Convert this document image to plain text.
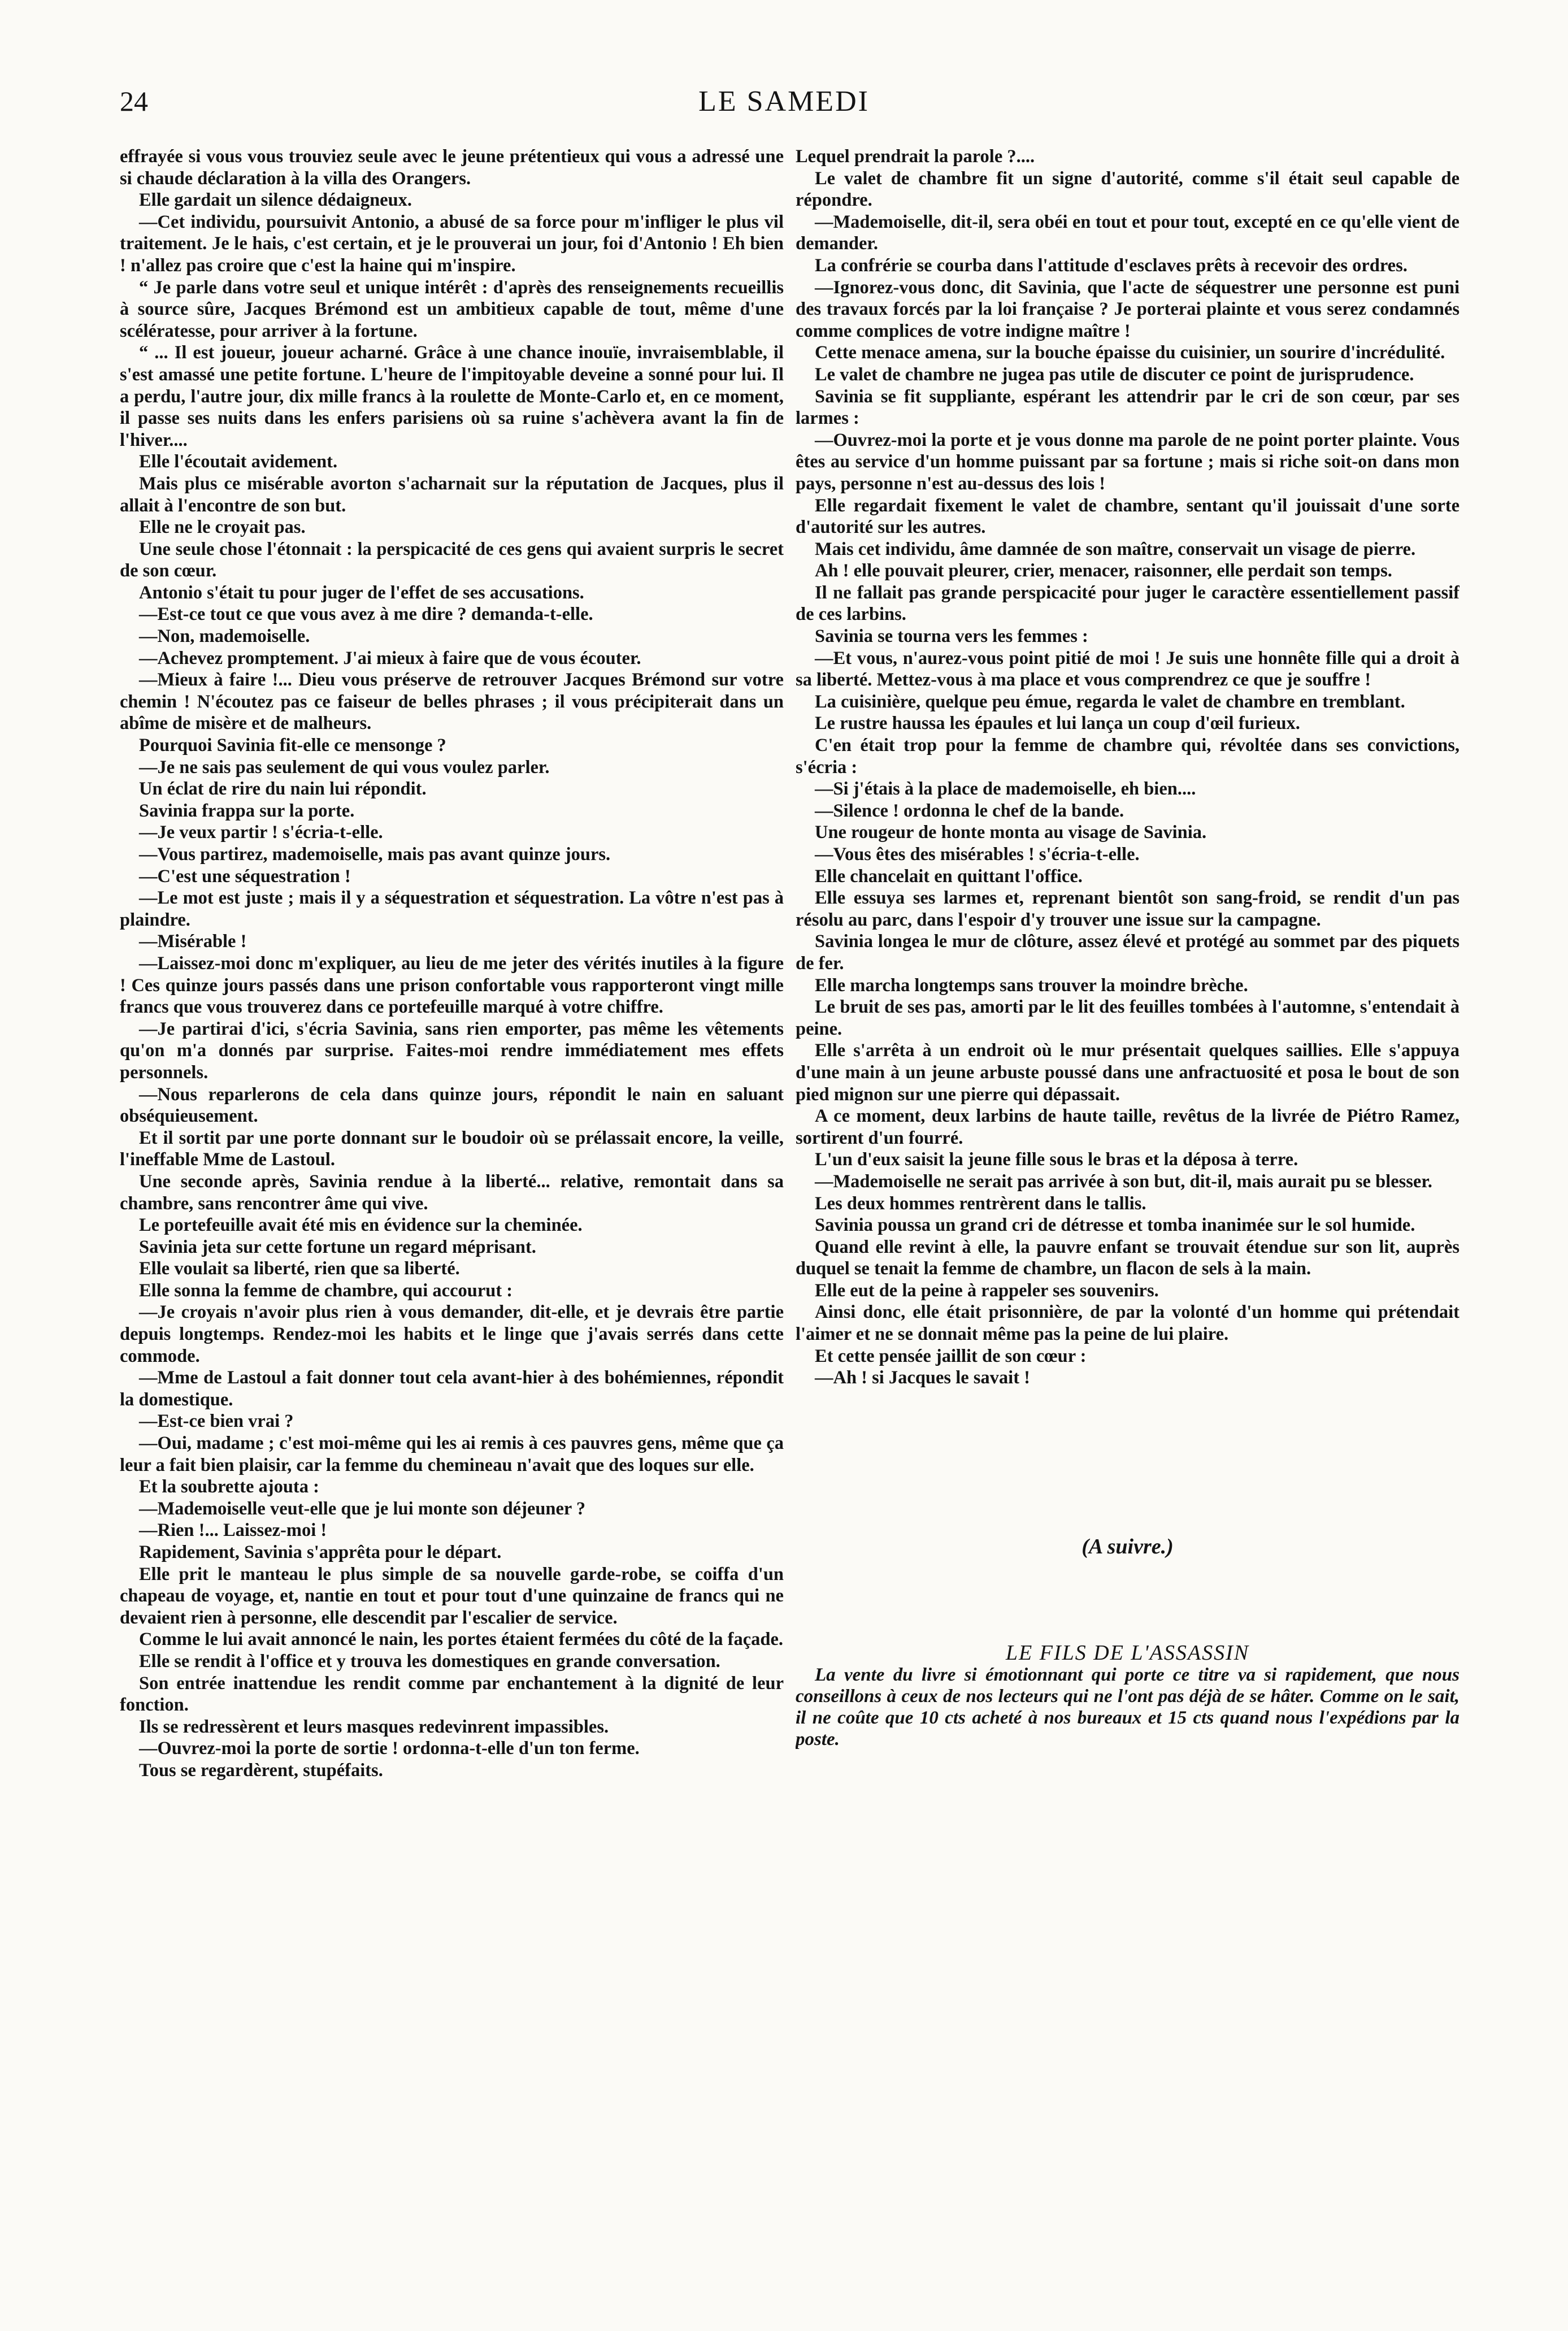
24	LE SAMEDI

effrayée si vous vous trouviez seule avec le jeune prétentieux qui vous a adressé une si chaude déclaration à la villa des Orangers.

Elle gardait un silence dédaigneux.

—Cet individu, poursuivit Antonio, a abusé de sa force pour m'infliger le plus vil traitement. Je le hais, c'est certain, et je le prouverai un jour, foi d'Antonio ! Eh bien ! n'allez pas croire que c'est la haine qui m'inspire.

“ Je parle dans votre seul et unique intérêt : d'après des renseignements recueillis à source sûre, Jacques Brémond est un ambitieux capable de tout, même d'une scélératesse, pour arriver à la fortune.

“ ... Il est joueur, joueur acharné. Grâce à une chance inouïe, invraisemblable, il s'est amassé une petite fortune. L'heure de l'impitoyable deveine a sonné pour lui. Il a perdu, l'autre jour, dix mille francs à la roulette de Monte-Carlo et, en ce moment, il passe ses nuits dans les enfers parisiens où sa ruine s'achèvera avant la fin de l'hiver....

Elle l'écoutait avidement.

Mais plus ce misérable avorton s'acharnait sur la réputation de Jacques, plus il allait à l'encontre de son but.

Elle ne le croyait pas.

Une seule chose l'étonnait : la perspicacité de ces gens qui avaient surpris le secret de son cœur.

Antonio s'était tu pour juger de l'effet de ses accusations.

—Est-ce tout ce que vous avez à me dire ? demanda-t-elle.

—Non, mademoiselle.

—Achevez promptement. J'ai mieux à faire que de vous écouter.

—Mieux à faire !... Dieu vous préserve de retrouver Jacques Brémond sur votre chemin ! N'écoutez pas ce faiseur de belles phrases ; il vous précipiterait dans un abîme de misère et de malheurs.

Pourquoi Savinia fit-elle ce mensonge ?

—Je ne sais pas seulement de qui vous voulez parler.

Un éclat de rire du nain lui répondit.

Savinia frappa sur la porte.

—Je veux partir ! s'écria-t-elle.

—Vous partirez, mademoiselle, mais pas avant quinze jours.

—C'est une séquestration !

—Le mot est juste ; mais il y a séquestration et séquestration. La vôtre n'est pas à plaindre.

—Misérable !

—Laissez-moi donc m'expliquer, au lieu de me jeter des vérités inutiles à la figure ! Ces quinze jours passés dans une prison confortable vous rapporteront vingt mille francs que vous trouverez dans ce portefeuille marqué à votre chiffre.

—Je partirai d'ici, s'écria Savinia, sans rien emporter, pas même les vêtements qu'on m'a donnés par surprise. Faites-moi rendre immédiatement mes effets personnels.

—Nous reparlerons de cela dans quinze jours, répondit le nain en saluant obséquieusement.

Et il sortit par une porte donnant sur le boudoir où se prélassait encore, la veille, l'ineffable Mme de Lastoul.

Une seconde après, Savinia rendue à la liberté... relative, remontait dans sa chambre, sans rencontrer âme qui vive.

Le portefeuille avait été mis en évidence sur la cheminée.

Savinia jeta sur cette fortune un regard méprisant.

Elle voulait sa liberté, rien que sa liberté.

Elle sonna la femme de chambre, qui accourut :

—Je croyais n'avoir plus rien à vous demander, dit-elle, et je devrais être partie depuis longtemps. Rendez-moi les habits et le linge que j'avais serrés dans cette commode.

—Mme de Lastoul a fait donner tout cela avant-hier à des bohémiennes, répondit la domestique.

—Est-ce bien vrai ?

—Oui, madame ; c'est moi-même qui les ai remis à ces pauvres gens, même que ça leur a fait bien plaisir, car la femme du chemineau n'avait que des loques sur elle.

Et la soubrette ajouta :

—Mademoiselle veut-elle que je lui monte son déjeuner ?

—Rien !... Laissez-moi !

Rapidement, Savinia s'apprêta pour le départ.

Elle prit le manteau le plus simple de sa nouvelle garde-robe, se coiffa d'un chapeau de voyage, et, nantie en tout et pour tout d'une quinzaine de francs qui ne devaient rien à personne, elle descendit par l'escalier de service.

Comme le lui avait annoncé le nain, les portes étaient fermées du côté de la façade.

Elle se rendit à l'office et y trouva les domestiques en grande conversation.

Son entrée inattendue les rendit comme par enchantement à la dignité de leur fonction.

Ils se redressèrent et leurs masques redevinrent impassibles.

—Ouvrez-moi la porte de sortie ! ordonna-t-elle d'un ton ferme.

Tous se regardèrent, stupéfaits.

Lequel prendrait la parole ?....

Le valet de chambre fit un signe d'autorité, comme s'il était seul capable de répondre.

—Mademoiselle, dit-il, sera obéi en tout et pour tout, excepté en ce qu'elle vient de demander.

La confrérie se courba dans l'attitude d'esclaves prêts à recevoir des ordres.

—Ignorez-vous donc, dit Savinia, que l'acte de séquestrer une personne est puni des travaux forcés par la loi française ? Je porterai plainte et vous serez condamnés comme complices de votre indigne maître !

Cette menace amena, sur la bouche épaisse du cuisinier, un sourire d'incrédulité.

Le valet de chambre ne jugea pas utile de discuter ce point de jurisprudence.

Savinia se fit suppliante, espérant les attendrir par le cri de son cœur, par ses larmes :

—Ouvrez-moi la porte et je vous donne ma parole de ne point porter plainte. Vous êtes au service d'un homme puissant par sa fortune ; mais si riche soit-on dans mon pays, personne n'est au-dessus des lois !

Elle regardait fixement le valet de chambre, sentant qu'il jouissait d'une sorte d'autorité sur les autres.

Mais cet individu, âme damnée de son maître, conservait un visage de pierre.

Ah ! elle pouvait pleurer, crier, menacer, raisonner, elle perdait son temps.

Il ne fallait pas grande perspicacité pour juger le caractère essentiellement passif de ces larbins.

Savinia se tourna vers les femmes :

—Et vous, n'aurez-vous point pitié de moi ! Je suis une honnête fille qui a droit à sa liberté. Mettez-vous à ma place et vous comprendrez ce que je souffre !

La cuisinière, quelque peu émue, regarda le valet de chambre en tremblant.

Le rustre haussa les épaules et lui lança un coup d'œil furieux.

C'en était trop pour la femme de chambre qui, révoltée dans ses convictions, s'écria :

—Si j'étais à la place de mademoiselle, eh bien....

—Silence ! ordonna le chef de la bande.

Une rougeur de honte monta au visage de Savinia.

—Vous êtes des misérables ! s'écria-t-elle.

Elle chancelait en quittant l'office.

Elle essuya ses larmes et, reprenant bientôt son sang-froid, se rendit d'un pas résolu au parc, dans l'espoir d'y trouver une issue sur la campagne.

Savinia longea le mur de clôture, assez élevé et protégé au sommet par des piquets de fer.

Elle marcha longtemps sans trouver la moindre brèche.

Le bruit de ses pas, amorti par le lit des feuilles tombées à l'automne, s'entendait à peine.

Elle s'arrêta à un endroit où le mur présentait quelques saillies. Elle s'appuya d'une main à un jeune arbuste poussé dans une anfractuosité et posa le bout de son pied mignon sur une pierre qui dépassait.

A ce moment, deux larbins de haute taille, revêtus de la livrée de Piétro Ramez, sortirent d'un fourré.

L'un d'eux saisit la jeune fille sous le bras et la déposa à terre.

—Mademoiselle ne serait pas arrivée à son but, dit-il, mais aurait pu se blesser.

Les deux hommes rentrèrent dans le tallis.

Savinia poussa un grand cri de détresse et tomba inanimée sur le sol humide.

Quand elle revint à elle, la pauvre enfant se trouvait étendue sur son lit, auprès duquel se tenait la femme de chambre, un flacon de sels à la main.

Elle eut de la peine à rappeler ses souvenirs.

Ainsi donc, elle était prisonnière, de par la volonté d'un homme qui prétendait l'aimer et ne se donnait même pas la peine de lui plaire.

Et cette pensée jaillit de son cœur :

—Ah ! si Jacques le savait !

(A suivre.)
LE FILS DE L'ASSASSIN

La vente du livre si émotionnant qui porte ce titre va si rapidement, que nous conseillons à ceux de nos lecteurs qui ne l'ont pas déjà de se hâter. Comme on le sait, il ne coûte que 10 cts acheté à nos bureaux et 15 cts quand nous l'expédions par la poste.
